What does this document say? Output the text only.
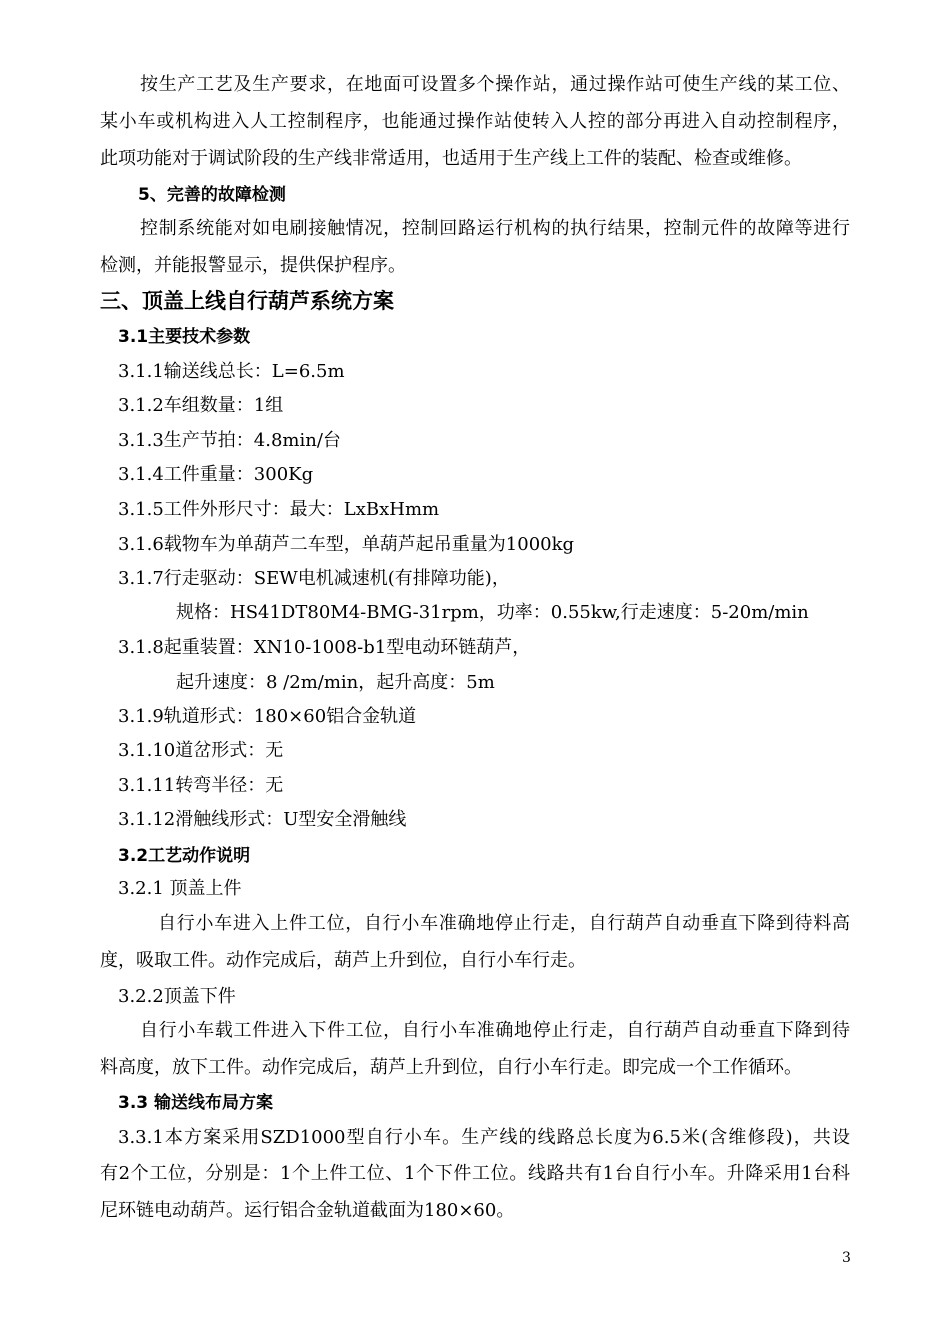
按生产工艺及生产要求，在地面可设置多个操作站，通过操作站可使生产线的某工位、
某小车或机构进入人工控制程序，也能通过操作站使转入人控的部分再进入自动控制程序，
此项功能对于调试阶段的生产线非常适用，也适用于生产线上工件的装配、检查或维修。
5、完善的故障检测
控制系统能对如电刷接触情况，控制回路运行机构的执行结果，控制元件的故障等进行
检测，并能报警显示，提供保护程序。
三、顶盖上线自行葫芦系统方案
3.1主要技术参数
3.1.1输送线总长：L=6.5m
3.1.2车组数量：1组
3.1.3生产节拍：4.8min/台
3.1.4工件重量：300Kg
3.1.5工件外形尺寸：最大：LxBxHmm
3.1.6载物车为单葫芦二车型，单葫芦起吊重量为1000kg
3.1.7行走驱动：SEW电机减速机(有排障功能)，
规格：HS41DT80M4-BMG-31rpm，功率：0.55kw,行走速度：5-20m/min
3.1.8起重装置：XN10-1008-b1型电动环链葫芦，
起升速度：8 /2m/min，起升高度：5m
3.1.9轨道形式：180×60铝合金轨道
3.1.10道岔形式：无
3.1.11转弯半径：无
3.1.12滑触线形式：U型安全滑触线
3.2工艺动作说明
3.2.1 顶盖上件
自行小车进入上件工位，自行小车准确地停止行走，自行葫芦自动垂直下降到待料高
度，吸取工件。动作完成后，葫芦上升到位，自行小车行走。
3.2.2顶盖下件
自行小车载工件进入下件工位，自行小车准确地停止行走，自行葫芦自动垂直下降到待
料高度，放下工件。动作完成后，葫芦上升到位，自行小车行走。即完成一个工作循环。
3.3 输送线布局方案
3.3.1本方案采用SZD1000型自行小车。生产线的线路总长度为6.5米(含维修段)，共设
有2个工位，分别是：1个上件工位、1个下件工位。线路共有1台自行小车。升降采用1台科
尼环链电动葫芦。运行铝合金轨道截面为180×60。
3
